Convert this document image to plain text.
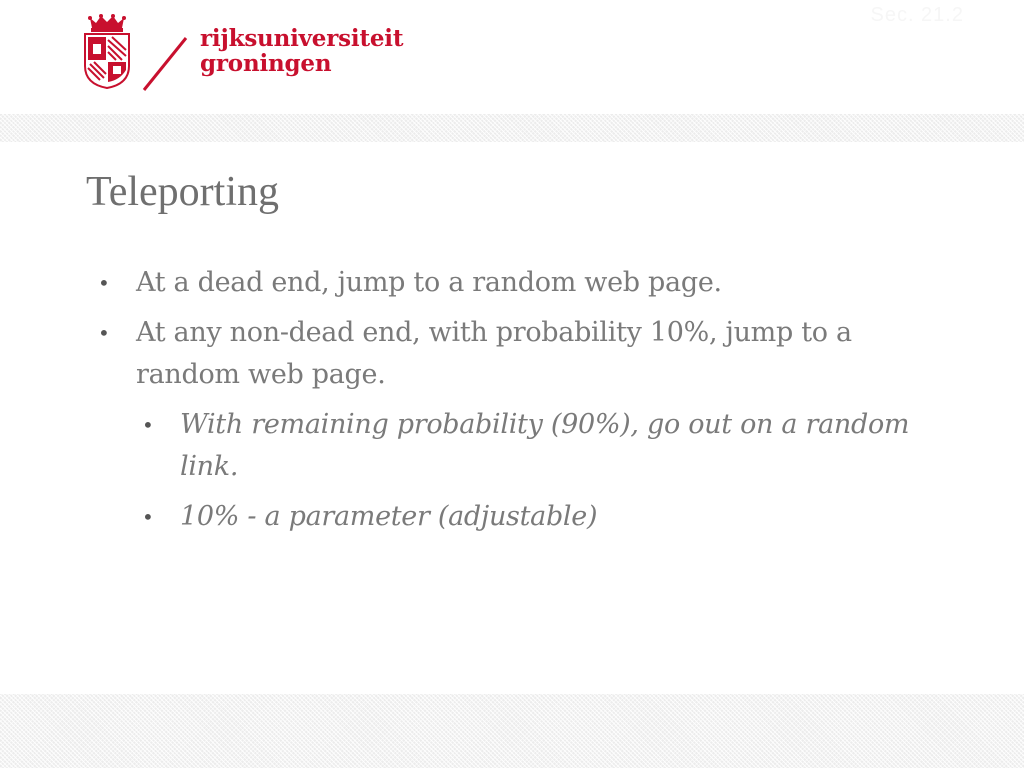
Sec. 21.2
rijksuniversiteit
groningen
Teleporting
• At a dead end, jump to a random web page.
• At any non-dead end, with probability 10%, jump to a random web page.
• With remaining probability (90%), go out on a random link.
• 10% - a parameter (adjustable)
